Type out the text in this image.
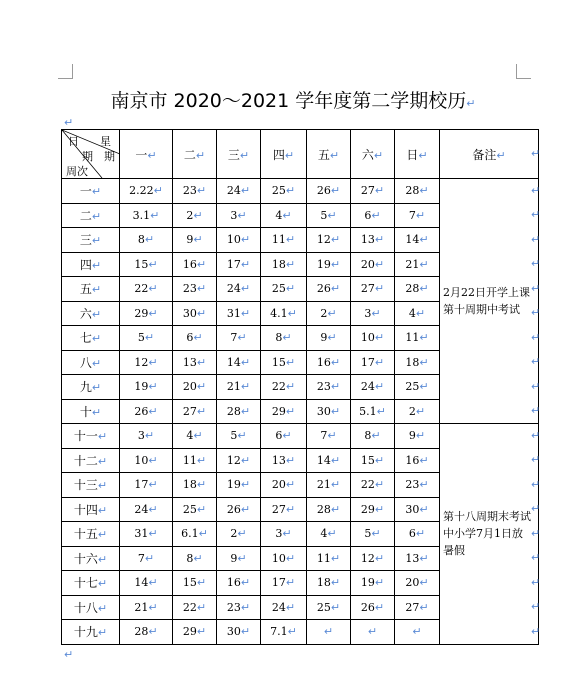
南京市 2020～2021 学年度第二学期校历↵
↵
日 星
期 期
周次	一↵	二↵	三↵	四↵	五↵	六↵	日↵	备注↵
一↵	2.22↵	23↵	24↵	25↵	26↵	27↵	28↵	2月22日开学上课
第十周期中考试

二↵	3.1↵	2↵	3↵	4↵	5↵	6↵	7↵	
三↵	8↵	9↵	10↵	11↵	12↵	13↵	14↵	
四↵	15↵	16↵	17↵	18↵	19↵	20↵	21↵	
五↵	22↵	23↵	24↵	25↵	26↵	27↵	28↵	
六↵	29↵	30↵	31↵	4.1↵	2↵	3↵	4↵	
七↵	5↵	6↵	7↵	8↵	9↵	10↵	11↵	
八↵	12↵	13↵	14↵	15↵	16↵	17↵	18↵	
九↵	19↵	20↵	21↵	22↵	23↵	24↵	25↵	
十↵	26↵	27↵	28↵	29↵	30↵	5.1↵	2↵	
十一↵	3↵	4↵	5↵	6↵	7↵	8↵	9↵	第十八周期末考试
中小学7月1日放
暑假

十二↵	10↵	11↵	12↵	13↵	14↵	15↵	16↵	
十三↵	17↵	18↵	19↵	20↵	21↵	22↵	23↵	
十四↵	24↵	25↵	26↵	27↵	28↵	29↵	30↵	
十五↵	31↵	6.1↵	2↵	3↵	4↵	5↵	6↵	
十六↵	7↵	8↵	9↵	10↵	11↵	12↵	13↵	
十七↵	14↵	15↵	16↵	17↵	18↵	19↵	20↵	
十八↵	21↵	22↵	23↵	24↵	25↵	26↵	27↵	
十九↵	28↵	29↵	30↵	7.1↵	↵	↵	↵	
↵
↵
↵
↵
↵
↵
↵
↵
↵
↵
↵
↵
↵
↵
↵
↵
↵
↵
↵
↵
↵
